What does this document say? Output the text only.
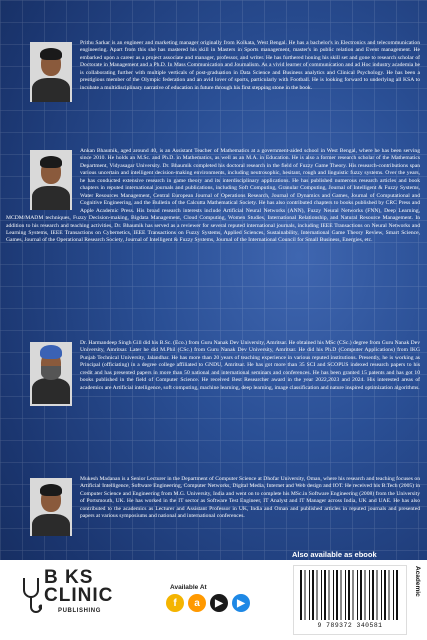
Prithu Sarkar is an engineer and marketing manager originally from Kolkata, West Bengal. He has a bachelor's in Electronics and telecommunication engineering. Apart from this she has mastered his skill in Masters in Sports management, master's in public relation and Event management. He embarked upon a career as a project associate and manager, professor, and writer. He has furthered honing his skill set and gone to research scholar of Doctorate in Management and a Ph.D. In Mass Communication and Journalism. As a vivid learner of communication and ad Hoc industry academia he is collaborating further with multiple verticals of post-graduation in Data Science and Business analytics and Clinical Psychology. He has been a prestigious member of the Olympic federation and an avid lover of sports, particularly with Football. He is looking forward to underlying all KSA to incubate a multidisciplinary narrative of education in future through his first stepping stone in the book.

Ankan Bhaumik, aged around 40, is an Assistant Teacher of Mathematics at a government-aided school in West Bengal, where he has been serving since 2010. He holds an M.Sc. and Ph.D. in Mathematics, as well as an M.A. in Education. He is also a former research scholar of the Mathematics Department, Vidyasagar University. Dr. Bhaumik completed his doctoral research in the field of Fuzzy Game Theory. His research-contributions span various uncertain and intelligent decision-making environments, including neutrosophic, hesitant, rough and linguistic fuzzy systems. Over the years, he has conducted extensive research in game theory and its interdisciplinary applications. He has published numerous research articles and book chapters in reputed international journals and publications, including Soft Computing, Granular Computing, Journal of Intelligent & Fuzzy Systems, Water Resources Management, Central European Journal of Operations Research, Journal of Dynamics and Games, Journal of Computational and Cognitive Engineering, and the Bulletin of the Calcutta Mathematical Society. He has also contributed chapters to books published by CRC Press and Apple Academic Press. His broad research interests include Artificial Neural Networks (ANN), Fuzzy Neural Networks (FNN), Deep Learning, MCDM/MADM techniques, Fuzzy Decision-making, Bigdata Management, Cloud Computing, Women Studies, International Relationship, and Natural Resource Management. In addition to his research and teaching activities, Dr. Bhaumik has served as a reviewer for several reputed international journals, including IEEE Transactions on Neural Networks and Learning Systems, IEEE Transactions on Cybernetics, IEEE Transactions on Fuzzy Systems, Applied Sciences, Sustainability, International Game Theory Review, Smart Science, Games, Journal of the Operational Research Society, Journal of Intelligent & Fuzzy Systems, Journal of the International Council for Small Business, Energies, etc.

Dr. Harmandeep Singh Gill did his B.Sc. (Eco.) from Guru Nanak Dev University, Amritsar. He obtained his MSc (CSc.) degree from Guru Nanak Dev University, Amritsar. Later he did M.Phil (CSc.) from Guru Nanak Dev University, Amritsar. He did his Ph.D (Computer Applications) from IKG Punjab Technical University, Jalandhar. He has more than 20 years of teaching experience in various reputed institutions. Presently, he is working as Principal (officiating) in a degree college affiliated to GNDU, Amritsar. He has got more than 35 SCI and SCOPUS indexed research papers to his credit and has presented papers in more than 50 national and international seminars and conferences. He has been granted 15 patents and has got 10 books published in the field of Computer Science. He received Best Researcher award in the year 2022,2023 and 2024. His interested areas of academics are Artificial intelligence, soft computing, machine learning, deep learning, image classification and nature inspired optimization algorithms.

Mukesh Madanan is a Senior Lecturer in the Department of Computer Science at Dhofar University, Oman, where his research and teaching focuses on Artificial Intelligence, Software Engineering, Computer Networks, Digital Media, Internet and Web design and IOT. He received his B.Tech (2005) in Computer Science and Engineering from M.G. University, India and went on to complete his MSc.in Software Engineering (2008) from the University of Portsmouth, UK. He has worked in the IT sector as Software Test Engineer, IT Analyst and IT Manager across India, UK and UAE. He has also contributed to the academics as Lecturer and Assistant Professor in UK, India and Oman and published articles in reputed journals and presented papers at various symposiums and national and international conferences.

Also available as ebook
B KS
CLINIC
PUBLISHING
Available At
f	a	▶	▶
9 789372 340581
Academic
